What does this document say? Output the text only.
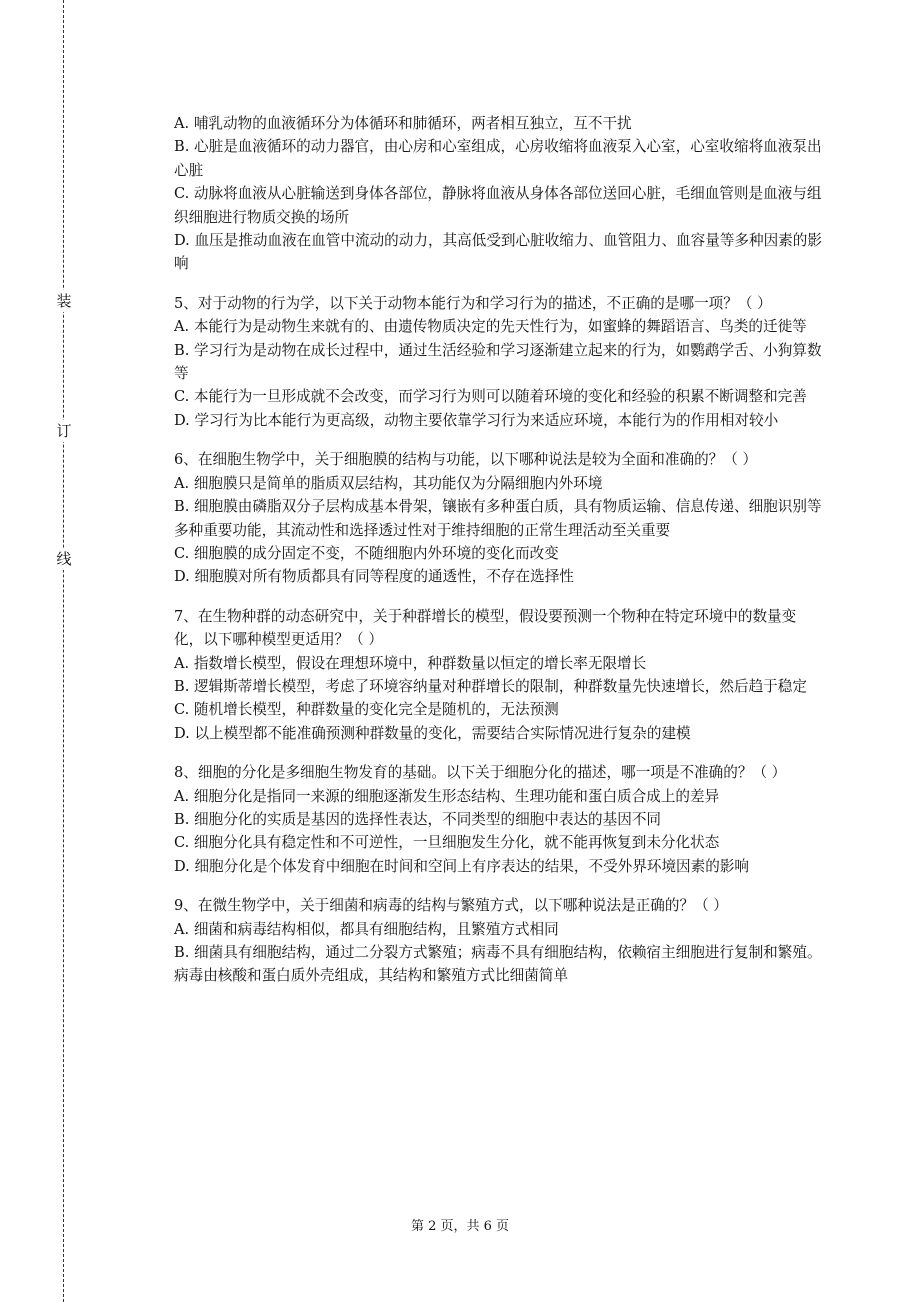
装
订
线
A. 哺乳动物的血液循环分为体循环和肺循环，两者相互独立，互不干扰
B. 心脏是血液循环的动力器官，由心房和心室组成，心房收缩将血液泵入心室，心室收缩将血液泵出心脏
C. 动脉将血液从心脏输送到身体各部位，静脉将血液从身体各部位送回心脏，毛细血管则是血液与组织细胞进行物质交换的场所
D. 血压是推动血液在血管中流动的动力，其高低受到心脏收缩力、血管阻力、血容量等多种因素的影响
5、对于动物的行为学，以下关于动物本能行为和学习行为的描述，不正确的是哪一项？（ ）
A. 本能行为是动物生来就有的、由遗传物质决定的先天性行为，如蜜蜂的舞蹈语言、鸟类的迁徙等
B. 学习行为是动物在成长过程中，通过生活经验和学习逐渐建立起来的行为，如鹦鹉学舌、小狗算数等
C. 本能行为一旦形成就不会改变，而学习行为则可以随着环境的变化和经验的积累不断调整和完善
D. 学习行为比本能行为更高级，动物主要依靠学习行为来适应环境，本能行为的作用相对较小
6、在细胞生物学中，关于细胞膜的结构与功能，以下哪种说法是较为全面和准确的？（ ）
A. 细胞膜只是简单的脂质双层结构，其功能仅为分隔细胞内外环境
B. 细胞膜由磷脂双分子层构成基本骨架，镶嵌有多种蛋白质，具有物质运输、信息传递、细胞识别等多种重要功能，其流动性和选择透过性对于维持细胞的正常生理活动至关重要
C. 细胞膜的成分固定不变，不随细胞内外环境的变化而改变
D. 细胞膜对所有物质都具有同等程度的通透性，不存在选择性
7、在生物种群的动态研究中，关于种群增长的模型，假设要预测一个物种在特定环境中的数量变化，以下哪种模型更适用？（ ）
A. 指数增长模型，假设在理想环境中，种群数量以恒定的增长率无限增长
B. 逻辑斯蒂增长模型，考虑了环境容纳量对种群增长的限制，种群数量先快速增长，然后趋于稳定
C. 随机增长模型，种群数量的变化完全是随机的，无法预测
D. 以上模型都不能准确预测种群数量的变化，需要结合实际情况进行复杂的建模
8、细胞的分化是多细胞生物发育的基础。以下关于细胞分化的描述，哪一项是不准确的？（ ）
A. 细胞分化是指同一来源的细胞逐渐发生形态结构、生理功能和蛋白质合成上的差异
B. 细胞分化的实质是基因的选择性表达，不同类型的细胞中表达的基因不同
C. 细胞分化具有稳定性和不可逆性，一旦细胞发生分化，就不能再恢复到未分化状态
D. 细胞分化是个体发育中细胞在时间和空间上有序表达的结果，不受外界环境因素的影响
9、在微生物学中，关于细菌和病毒的结构与繁殖方式，以下哪种说法是正确的？（ ）
A. 细菌和病毒结构相似，都具有细胞结构，且繁殖方式相同
B. 细菌具有细胞结构，通过二分裂方式繁殖；病毒不具有细胞结构，依赖宿主细胞进行复制和繁殖。病毒由核酸和蛋白质外壳组成，其结构和繁殖方式比细菌简单
第 2 页，共 6 页
